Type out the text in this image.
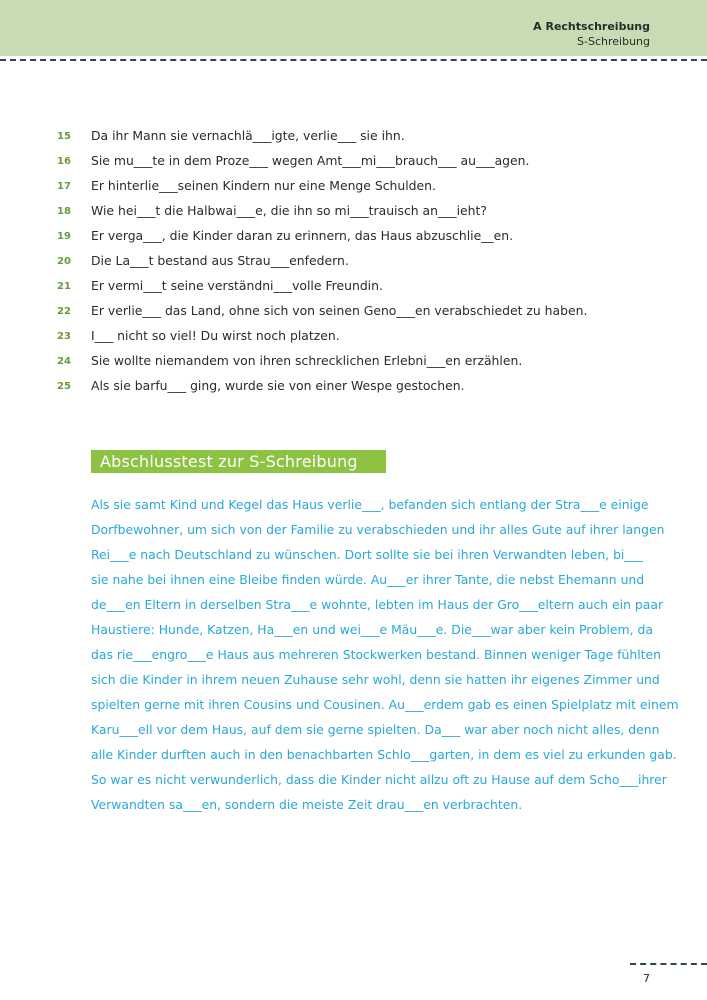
A Rechtschreibung
S-Schreibung
15	Da ihr Mann sie vernachlä___igte, verlie___ sie ihn.
16	Sie mu___te in dem Proze___ wegen Amt___mi___brauch___ au___agen.
17	Er hinterlie___seinen Kindern nur eine Menge Schulden.
18	Wie hei___t die Halbwai___e, die ihn so mi___trauisch an___ieht?
19	Er verga___, die Kinder daran zu erinnern, das Haus abzuschlie__en.
20	Die La___t bestand aus Strau___enfedern.
21	Er vermi___t seine verständni___volle Freundin.
22	Er verlie___ das Land, ohne sich von seinen Geno___en verabschiedet zu haben.
23	I___ nicht so viel! Du wirst noch platzen.
24	Sie wollte niemandem von ihren schrecklichen Erlebni___en erzählen.
25	Als sie barfu___ ging, wurde sie von einer Wespe gestochen.
Abschlusstest zur S-Schreibung
Als sie samt Kind und Kegel das Haus verlie___, befanden sich entlang der Stra___e einige
Dorfbewohner, um sich von der Familie zu verabschieden und ihr alles Gute auf ihrer langen
Rei___e nach Deutschland zu wünschen. Dort sollte sie bei ihren Verwandten leben, bi___
sie nahe bei ihnen eine Bleibe finden würde. Au___er ihrer Tante, die nebst Ehemann und
de___en Eltern in derselben Stra___e wohnte, lebten im Haus der Gro___eltern auch ein paar
Haustiere: Hunde, Katzen, Ha___en und wei___e Mäu___e. Die___war aber kein Problem, da
das rie___engro___e Haus aus mehreren Stockwerken bestand. Binnen weniger Tage fühlten
sich die Kinder in ihrem neuen Zuhause sehr wohl, denn sie hatten ihr eigenes Zimmer und
spielten gerne mit ihren Cousins und Cousinen. Au___erdem gab es einen Spielplatz mit einem
Karu___ell vor dem Haus, auf dem sie gerne spielten. Da___ war aber noch nicht alles, denn
alle Kinder durften auch in den benachbarten Schlo___garten, in dem es viel zu erkunden gab.
So war es nicht verwunderlich, dass die Kinder nicht allzu oft zu Hause auf dem Scho___ihrer
Verwandten sa___en, sondern die meiste Zeit drau___en verbrachten.
7
